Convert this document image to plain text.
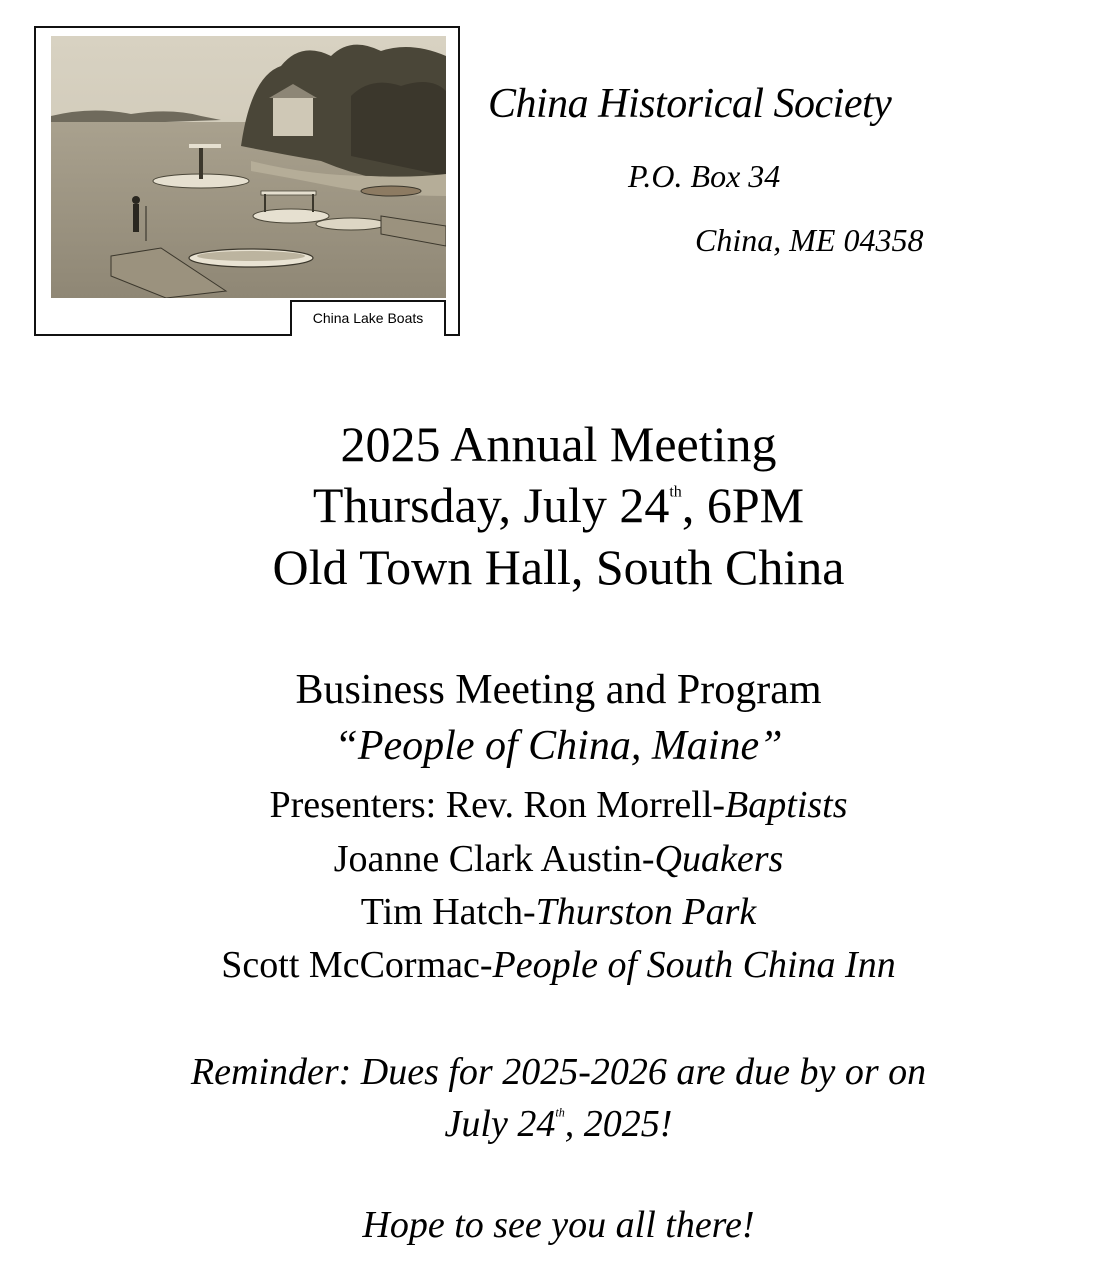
China Lake Boats
China Historical Society
P.O. Box 34
China, ME 04358
2025 Annual Meeting
Thursday, July 24th, 6PM
Old Town Hall, South China
Business Meeting and Program
“People of China, Maine”
Presenters: Rev. Ron Morrell-Baptists
Joanne Clark Austin-Quakers
Tim Hatch-Thurston Park
Scott McCormac-People of South China Inn
Reminder: Dues for 2025-2026 are due by or on
July 24th, 2025!
Hope to see you all there!
